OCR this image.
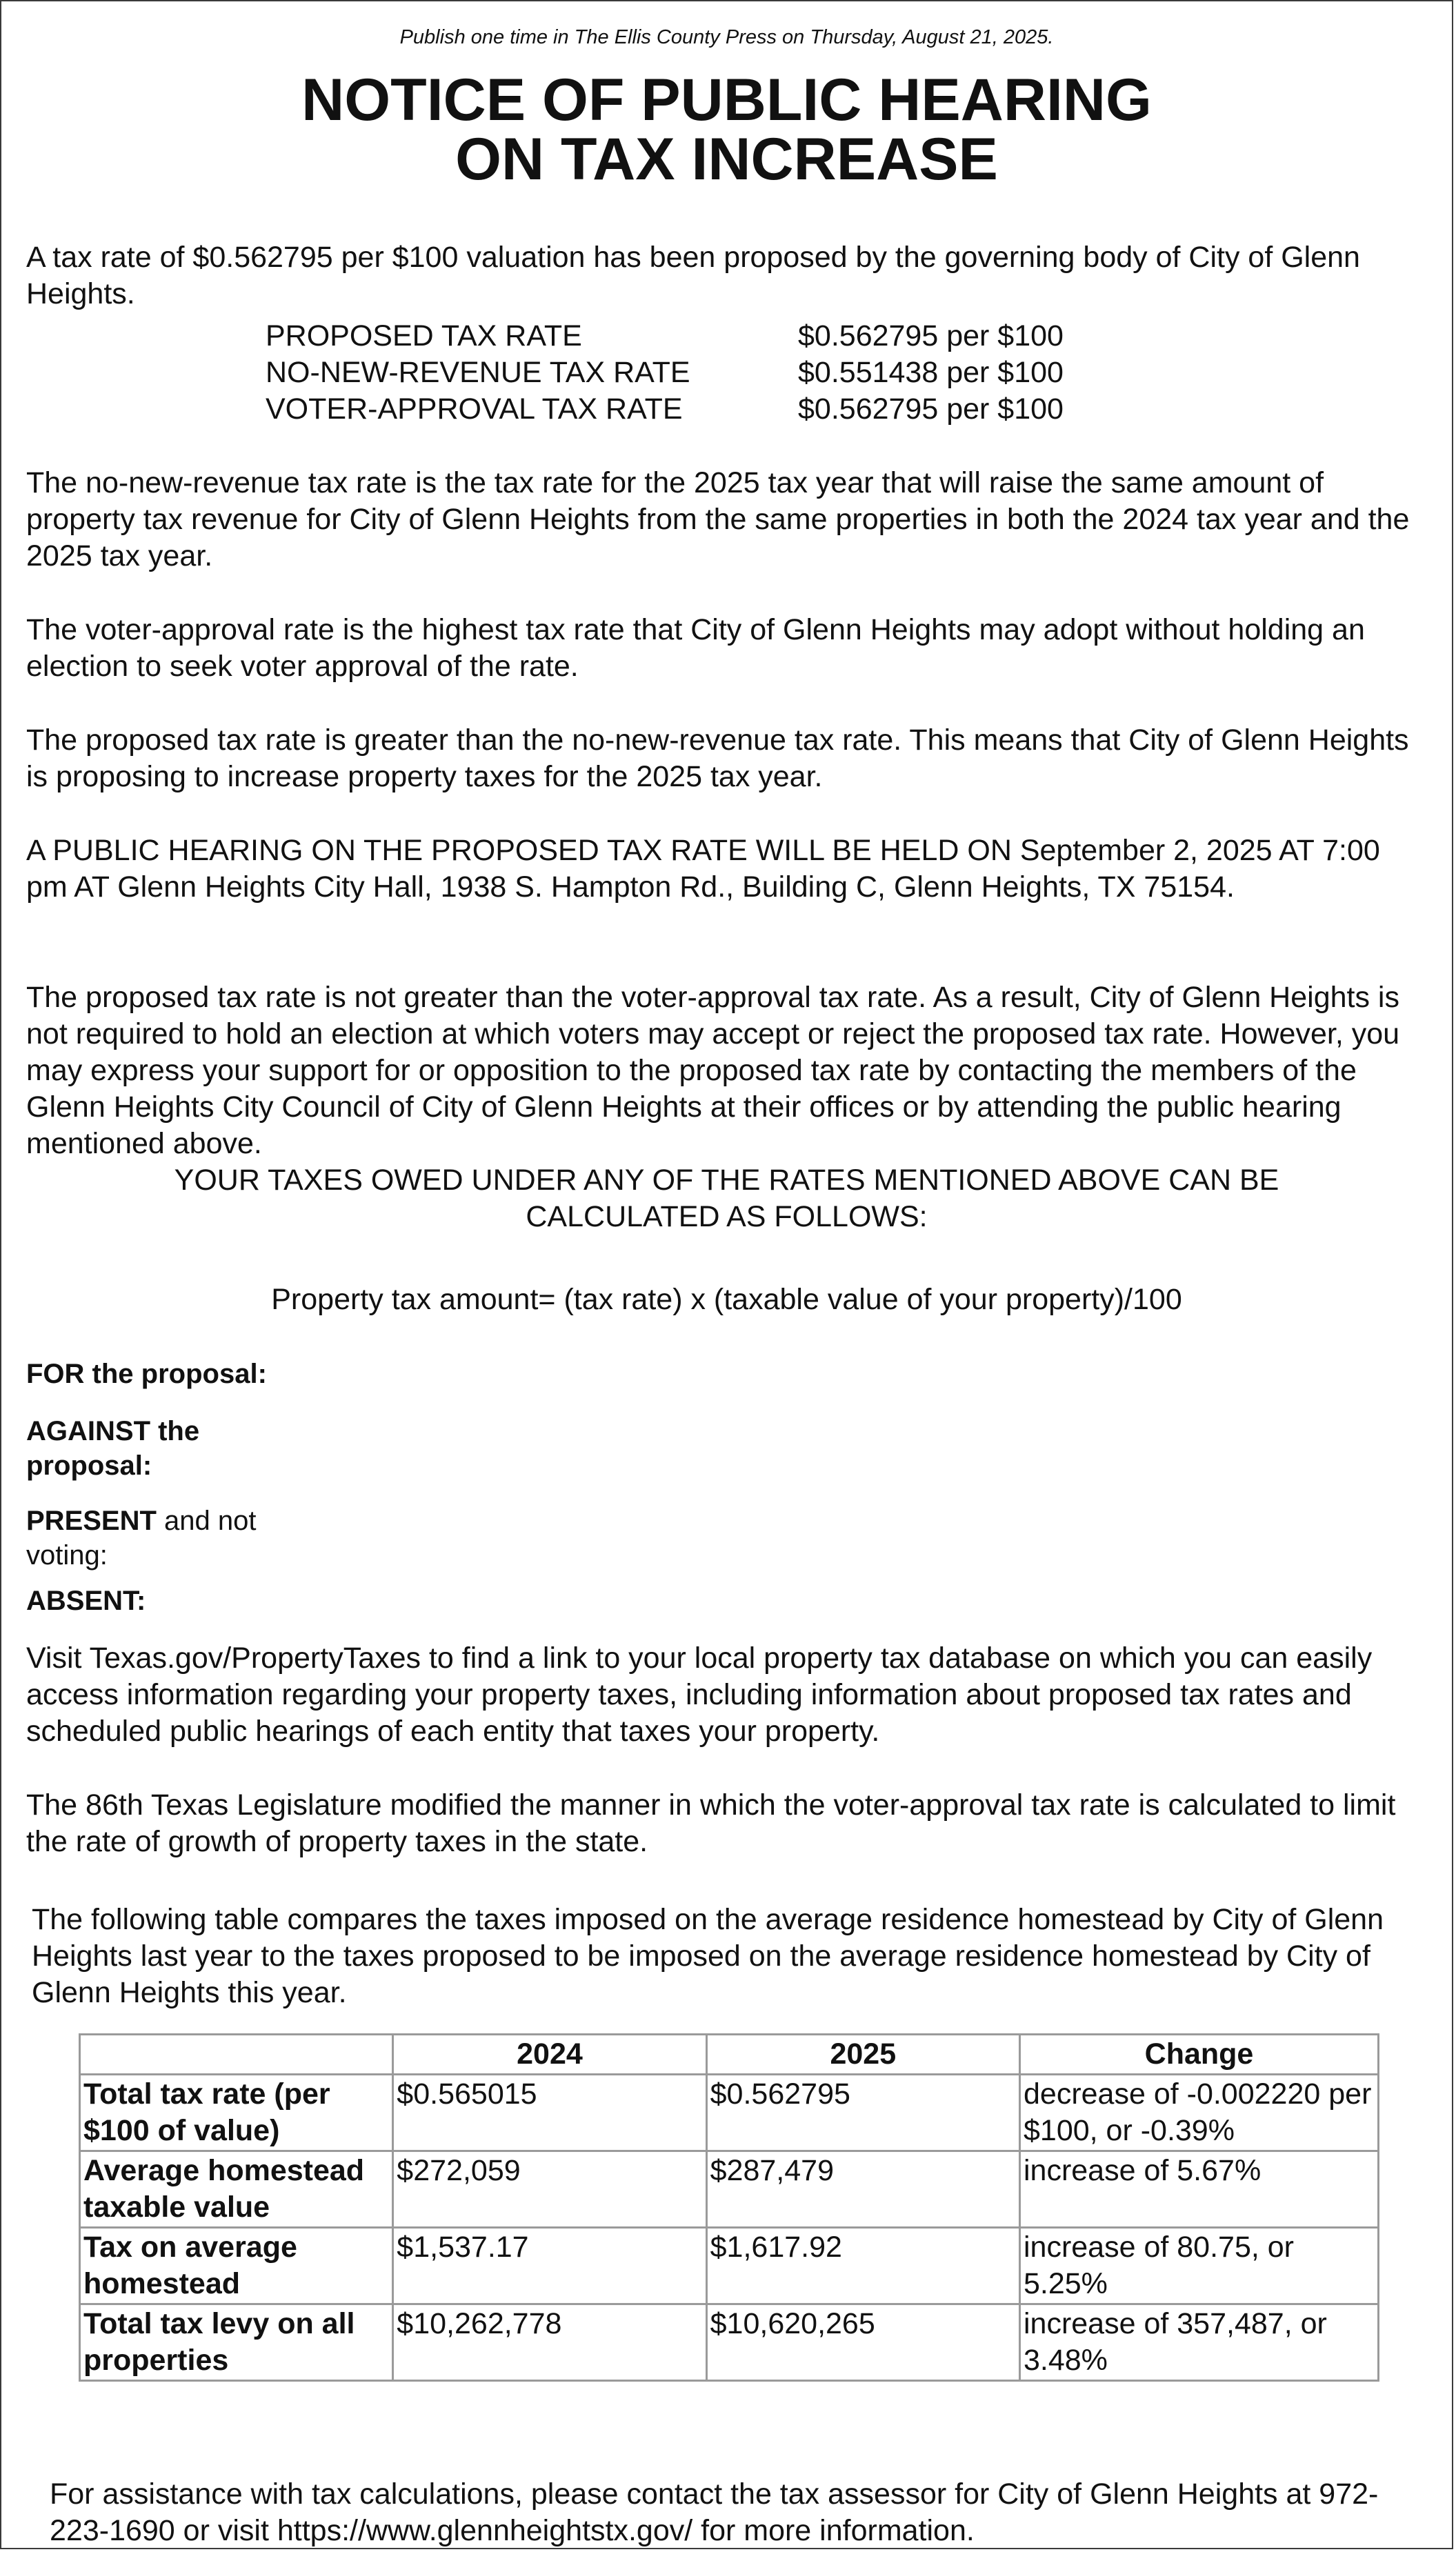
Publish one time in The Ellis County Press on Thursday, August 21, 2025.
NOTICE OF PUBLIC HEARING
ON TAX INCREASE

A tax rate of $0.562795 per $100 valuation has been proposed by the governing body of City of Glenn Heights.

PROPOSED TAX RATE	$0.562795 per $100
NO-NEW-REVENUE TAX RATE	$0.551438 per $100
VOTER-APPROVAL TAX RATE	$0.562795 per $100

The no-new-revenue tax rate is the tax rate for the 2025 tax year that will raise the same amount of property tax revenue for City of Glenn Heights from the same properties in both the 2024 tax year and the 2025 tax year.

The voter-approval rate is the highest tax rate that City of Glenn Heights may adopt without holding an election to seek voter approval of the rate.

The proposed tax rate is greater than the no-new-revenue tax rate. This means that City of Glenn Heights is proposing to increase property taxes for the 2025 tax year.

A PUBLIC HEARING ON THE PROPOSED TAX RATE WILL BE HELD ON September 2, 2025 AT 7:00 pm AT Glenn Heights City Hall, 1938 S. Hampton Rd., Building C, Glenn Heights, TX 75154.

The proposed tax rate is not greater than the voter-approval tax rate. As a result, City of Glenn Heights is not required to hold an election at which voters may accept or reject the proposed tax rate. However, you may express your support for or opposition to the proposed tax rate by contacting the members of the Glenn Heights City Council of City of Glenn Heights at their offices or by attending the public hearing mentioned above.

YOUR TAXES OWED UNDER ANY OF THE RATES MENTIONED ABOVE CAN BE CALCULATED AS FOLLOWS:
Property tax amount= (tax rate) x (taxable value of your property)/100
FOR the proposal:
AGAINST the proposal:
PRESENT and not voting:
ABSENT:

Visit Texas.gov/PropertyTaxes to find a link to your local property tax database on which you can easily access information regarding your property taxes, including information about proposed tax rates and scheduled public hearings of each entity that taxes your property.

The 86th Texas Legislature modified the manner in which the voter-approval tax rate is calculated to limit the rate of growth of property taxes in the state.

The following table compares the taxes imposed on the average residence homestead by City of Glenn Heights last year to the taxes proposed to be imposed on the average residence homestead by City of Glenn Heights this year.

	2024	2025	Change
Total tax rate (per $100 of value)	$0.565015	$0.562795	decrease of -0.002220 per $100, or -0.39%
Average homestead taxable value	$272,059	$287,479	increase of 5.67%
Tax on average homestead	$1,537.17	$1,617.92	increase of 80.75, or 5.25%
Total tax levy on all properties	$10,262,778	$10,620,265	increase of 357,487, or 3.48%

For assistance with tax calculations, please contact the tax assessor for City of Glenn Heights at 972-223-1690 or visit https://www.glennheightstx.gov/ for more information.
